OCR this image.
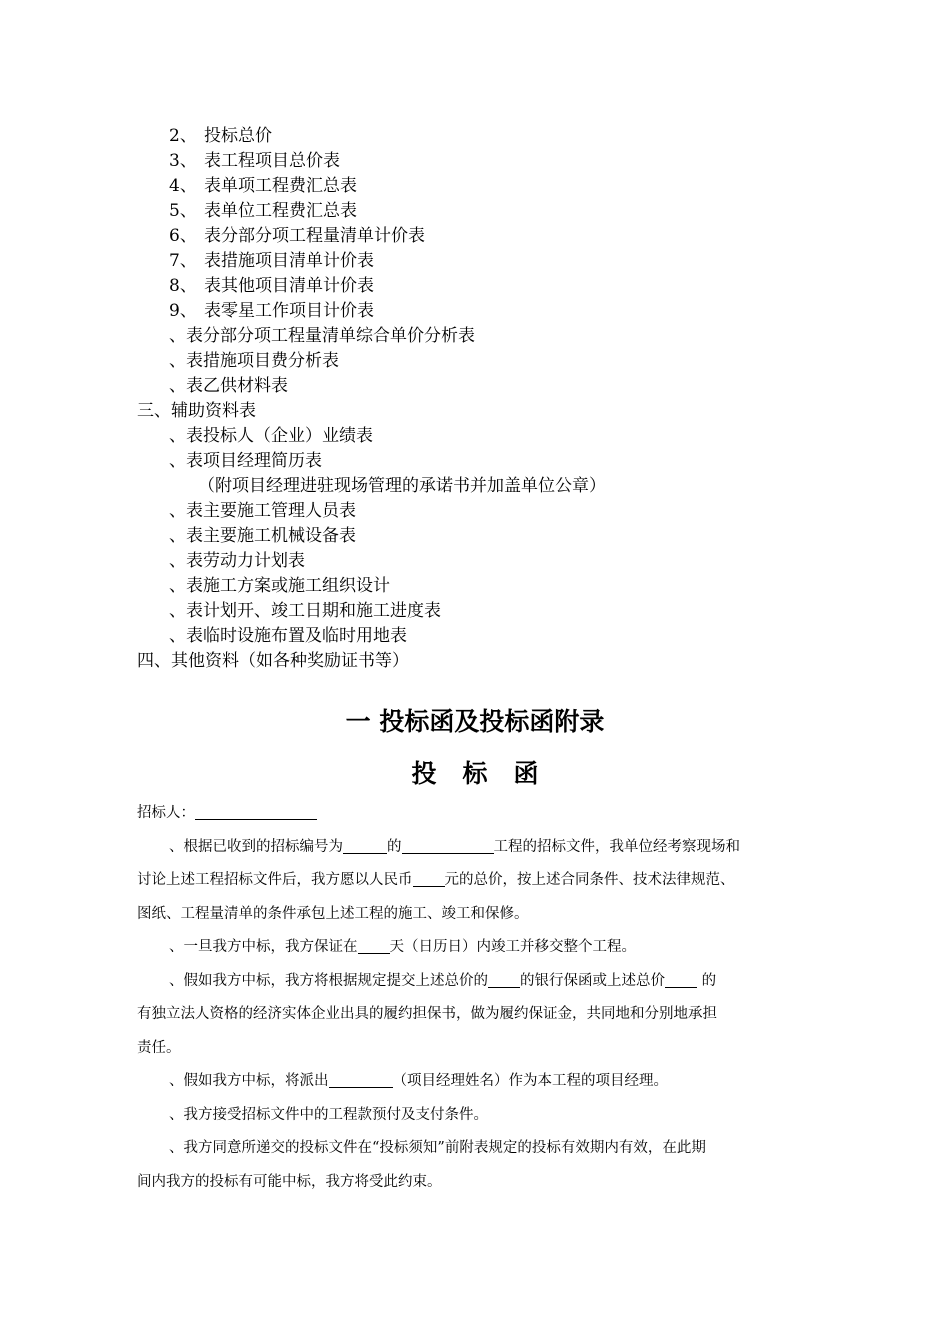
2、 投标总价
3、 表工程项目总价表
4、 表单项工程费汇总表
5、 表单位工程费汇总表
6、 表分部分项工程量清单计价表
7、 表措施项目清单计价表
8、 表其他项目清单计价表
9、 表零星工作项目计价表
、表分部分项工程量清单综合单价分析表
、表措施项目费分析表
、表乙供材料表
三、辅助资料表
、表投标人（企业）业绩表
、表项目经理简历表
（附项目经理进驻现场管理的承诺书并加盖单位公章）
、表主要施工管理人员表
、表主要施工机械设备表
、表劳动力计划表
、表施工方案或施工组织设计
、表计划开、竣工日期和施工进度表
、表临时设施布置及临时用地表
四、其他资料（如各种奖励证书等）
一 投标函及投标函附录
投标函
招标人：
、根据已收到的招标编号为	的	工程的招标文件，我单位经考察现场和
讨论上述工程招标文件后，我方愿以人民币 元的总价，按上述合同条件、技术法律规范、
图纸、工程量清单的条件承包上述工程的施工、竣工和保修。
、一旦我方中标，我方保证在 天（日历日）内竣工并移交整个工程。
、假如我方中标，我方将根据规定提交上述总价的 的银行保函或上述总价 的
有独立法人资格的经济实体企业出具的履约担保书，做为履约保证金，共同地和分别地承担
责任。
、假如我方中标，将派出	（项目经理姓名）作为本工程的项目经理。
、我方接受招标文件中的工程款预付及支付条件。
、我方同意所递交的投标文件在“投标须知”前附表规定的投标有效期内有效，在此期
间内我方的投标有可能中标，我方将受此约束。
